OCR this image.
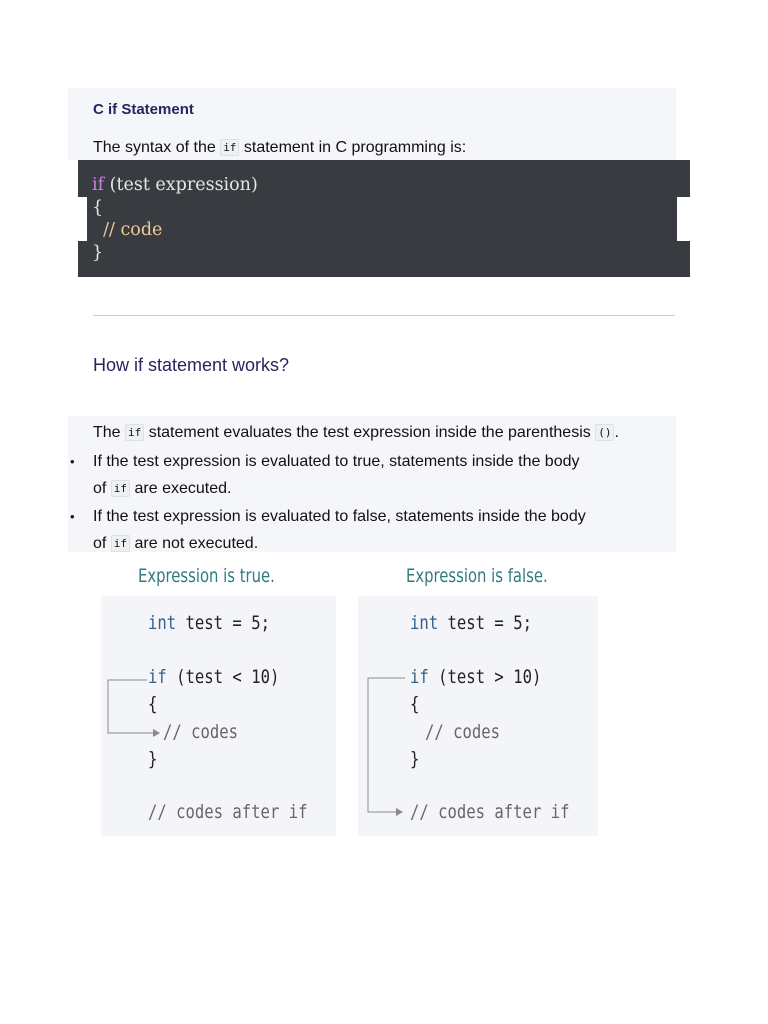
C if Statement
The syntax of the if statement in C programming is:
if (test expression)
{
// code
}
How if statement works?
The if statement evaluates the test expression inside the parenthesis () .
• If the test expression is evaluated to true, statements inside the body
of if are executed.
• If the test expression is evaluated to false, statements inside the body
of if are not executed.
Expression is true.
int test = 5;
if (test < 10)
{
// codes
}
// codes after if
Expression is false.
int test = 5;
if (test > 10)
{
// codes
}
// codes after if
